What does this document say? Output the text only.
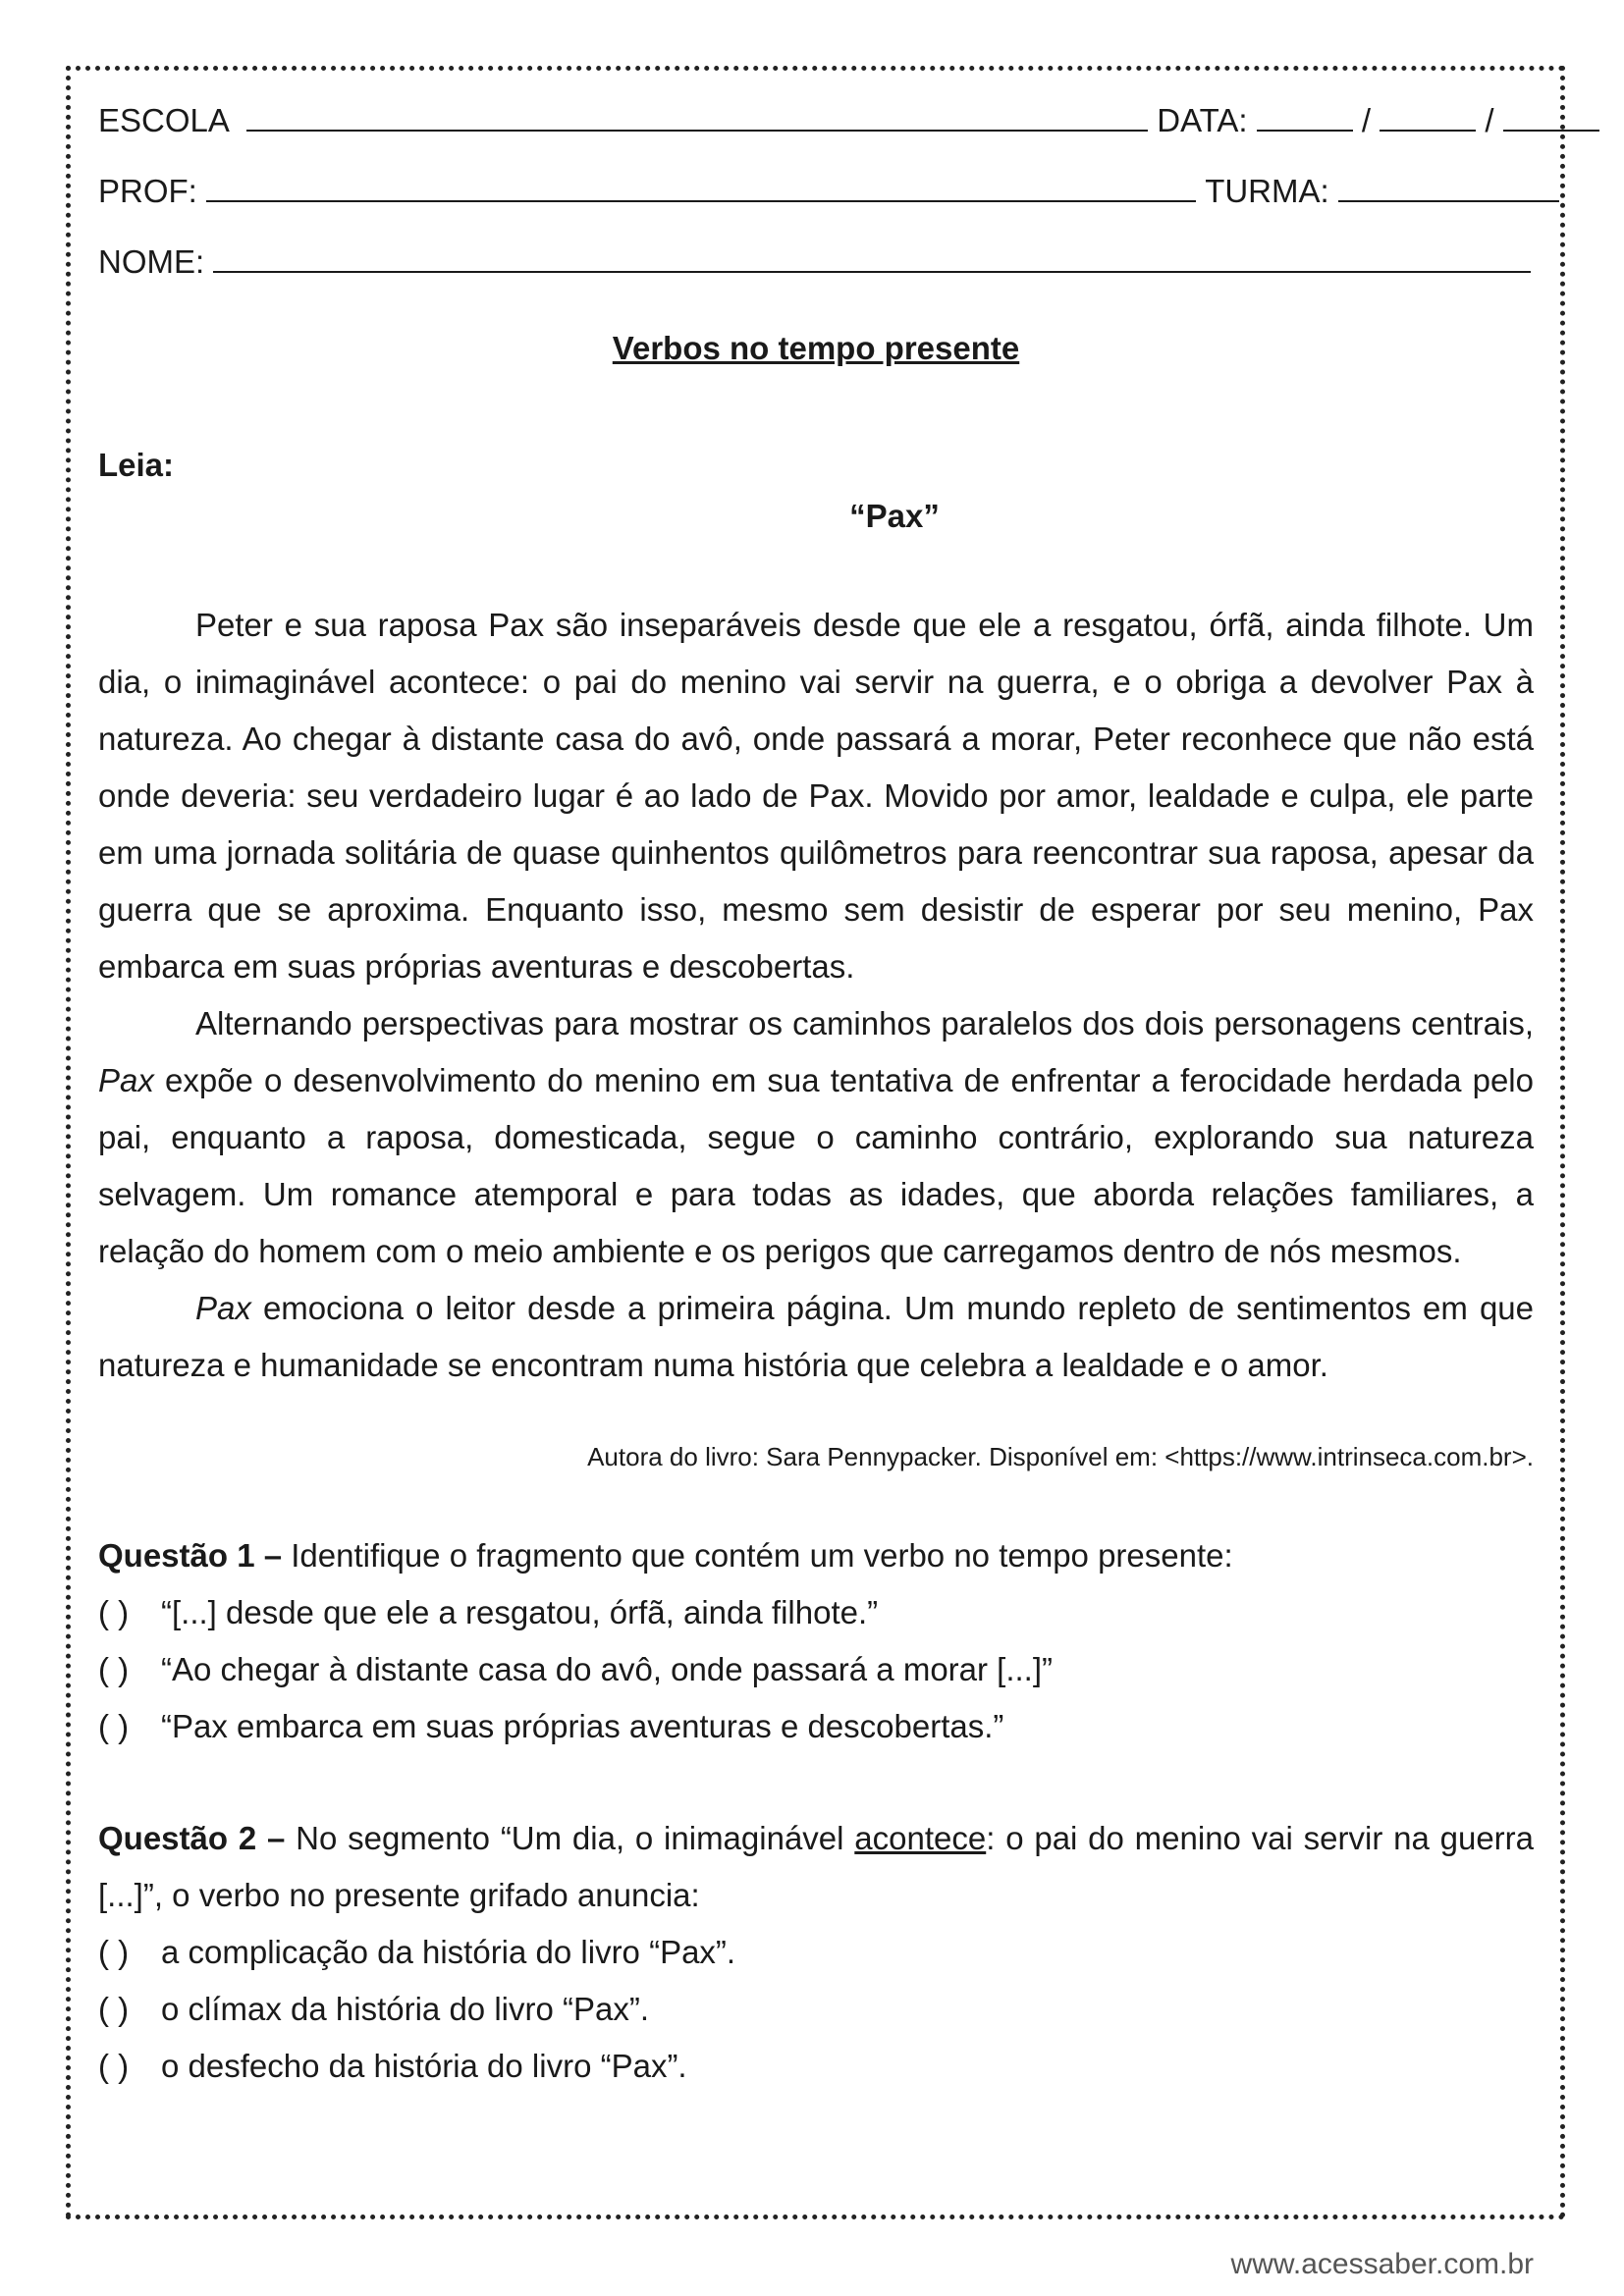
ESCOLA	DATA:	/	/
PROF:	TURMA:
NOME:
Verbos no tempo presente
Leia:
“Pax”

Peter e sua raposa Pax são inseparáveis desde que ele a resgatou, órfã, ainda filhote. Um dia, o inimaginável acontece: o pai do menino vai servir na guerra, e o obriga a devolver Pax à natureza. Ao chegar à distante casa do avô, onde passará a morar, Peter reconhece que não está onde deveria: seu verdadeiro lugar é ao lado de Pax. Movido por amor, lealdade e culpa, ele parte em uma jornada solitária de quase quinhentos quilômetros para reencontrar sua raposa, apesar da guerra que se aproxima. Enquanto isso, mesmo sem desistir de esperar por seu menino, Pax embarca em suas próprias aventuras e descobertas.

Alternando perspectivas para mostrar os caminhos paralelos dos dois personagens centrais, Pax expõe o desenvolvimento do menino em sua tentativa de enfrentar a ferocidade herdada pelo pai, enquanto a raposa, domesticada, segue o caminho contrário, explorando sua natureza selvagem. Um romance atemporal e para todas as idades, que aborda relações familiares, a relação do homem com o meio ambiente e os perigos que carregamos dentro de nós mesmos.

Pax emociona o leitor desde a primeira página. Um mundo repleto de sentimentos em que natureza e humanidade se encontram numa história que celebra a lealdade e o amor.

Autora do livro: Sara Pennypacker. Disponível em: <https://www.intrinseca.com.br>.

Questão 1 – Identifique o fragmento que contém um verbo no tempo presente:

( ) “[...] desde que ele a resgatou, órfã, ainda filhote.”
( ) “Ao chegar à distante casa do avô, onde passará a morar [...]”
( ) “Pax embarca em suas próprias aventuras e descobertas.”

Questão 2 – No segmento “Um dia, o inimaginável acontece: o pai do menino vai servir na guerra [...]”, o verbo no presente grifado anuncia:

( ) a complicação da história do livro “Pax”.
( ) o clímax da história do livro “Pax”.
( ) o desfecho da história do livro “Pax”.
www.acessaber.com.br
